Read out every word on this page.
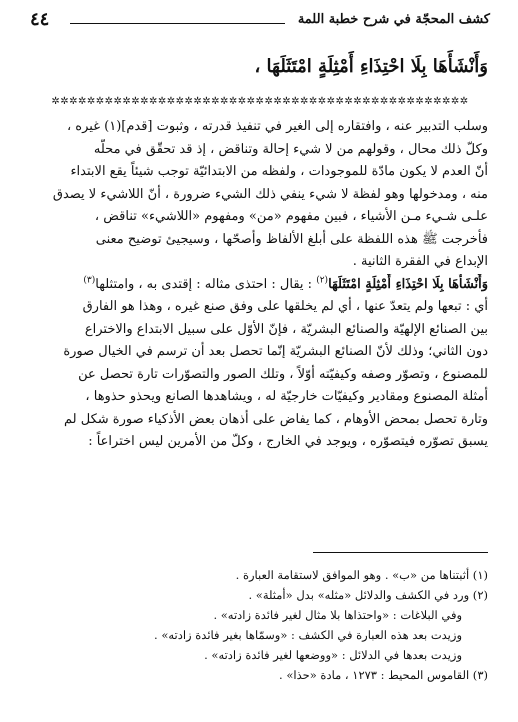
كشف المحجّة في شرح خطبة اللمة
٤٤
وَأَنْشَأَهَا بِلَا احْتِذَاءِ أَمْثِلَةٍ امْتَثَلَهَا ،
✲✲✲✲✲✲✲✲✲✲✲✲✲✲✲✲✲✲✲✲✲✲✲✲✲✲✲✲✲✲✲✲✲✲✲✲✲✲✲✲✲✲✲✲✲✲✲
وسلب التدبير عنه ، وافتقاره إلى الغير في تنفيذ قدرته ، وثبوت [قدم](١) غيره ،
وكلّ ذلك محال ، وقولهم من لا شيء إحالة وتناقض ، إذ قد تحقّق في محلّه
أنّ العدم لا يكون مادّة للموجودات ، ولفظه من الابتدائيّة توجب شيئاً يقع الابتداء
منه ، ومدخولها وهو لفظة لا شيء ينفي ذلك الشيء ضرورة ، أنّ اللاشيء لا يصدق
علـى شـيء مـن الأشياء ، فبين مفهوم «من» ومفهوم «اللاشيء» تناقض ،
فأخرجت ﷺ هذه اللفظة على أبلغ الألفاظ وأصحّها ، وسيجيئ توضيح معنى
الإبداع في الفقرة الثانية .
وَأَنْشَأَهَا بِلَا احْتِذَاءِ أَمْثِلَةٍ امْتَثَلَهَا$^{(٢)}$ : يقال : احتذى مثاله : إقتدى به ، وامتثلها$^{(٣)}$
أي : تبعها ولم يتعدّ عنها ، أي لم يخلقها على وفق صنع غيره ، وهذا هو الفارق
بين الصنائع الإلهيّة والصنائع البشريّة ، فإنّ الأوّل على سبيل الابتداع والاختراع
دون الثاني؛ وذلك لأنّ الصنائع البشريّة إنّما تحصل بعد أن ترسم في الخيال صورة
للمصنوع ، وتصوّر وصفه وكيفيّته أوّلاً ، وتلك الصور والتصوّرات تارة تحصل عن
أمثلة المصنوع ومقادير وكيفيّات خارجيّة له ، ويشاهدها الصانع ويحذو حذوها ،
وتارة تحصل بمحض الأوهام ، كما يفاض على أذهان بعض الأذكياء صورة شكل لم
يسبق تصوّره فيتصوّره ، ويوجد في الخارج ، وكلّ من الأمرين ليس اختراعاً :
(١) أثبتناها من «ب» . وهو الموافق لاستقامة العبارة .
(٢) ورد في الكشف والدلائل «مثله» بدل «أمثلة» .
وفي البلاغات : «واحتذاها بلا مثال لغير فائدة زادته» .
وزيدت بعد هذه العبارة في الكشف : «وسمّاها بغير فائدة زادته» .
وزيدت بعدها في الدلائل : «ووضعها لغير فائدة زادته» .
(٣) القاموس المحيط : ١٢٧٣ ، مادة «حذا» .
